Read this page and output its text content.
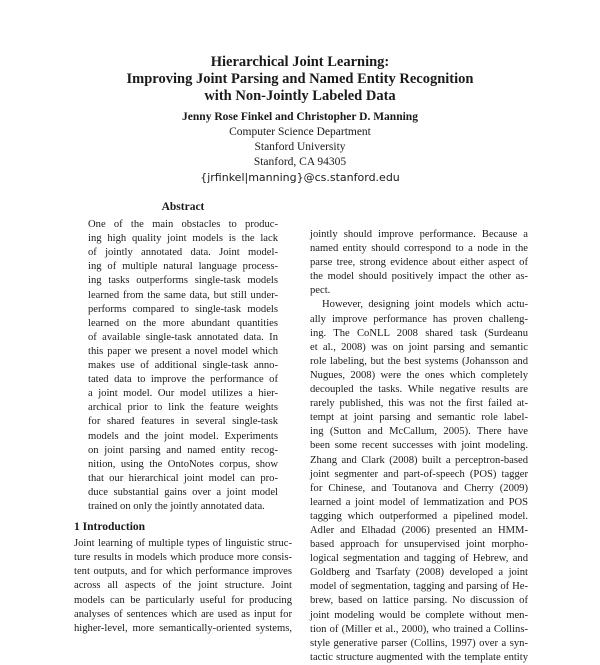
Hierarchical Joint Learning:
Improving Joint Parsing and Named Entity Recognition
with Non-Jointly Labeled Data
Jenny Rose Finkel and Christopher D. Manning
Computer Science Department
Stanford University
Stanford, CA 94305
{jrfinkel|manning}@cs.stanford.edu
Abstract
One of the main obstacles to produc-
ing high quality joint models is the lack
of jointly annotated data. Joint model-
ing of multiple natural language process-
ing tasks outperforms single-task models
learned from the same data, but still under-
performs compared to single-task models
learned on the more abundant quantities
of available single-task annotated data. In
this paper we present a novel model which
makes use of additional single-task anno-
tated data to improve the performance of
a joint model. Our model utilizes a hier-
archical prior to link the feature weights
for shared features in several single-task
models and the joint model. Experiments
on joint parsing and named entity recog-
nition, using the OntoNotes corpus, show
that our hierarchical joint model can pro-
duce substantial gains over a joint model
trained on only the jointly annotated data.
1 Introduction
Joint learning of multiple types of linguistic struc-
ture results in models which produce more consis-
tent outputs, and for which performance improves
across all aspects of the joint structure. Joint
models can be particularly useful for producing
analyses of sentences which are used as input for
higher-level, more semantically-oriented systems,
jointly should improve performance. Because a
named entity should correspond to a node in the
parse tree, strong evidence about either aspect of
the model should positively impact the other as-
pect.
However, designing joint models which actu-
ally improve performance has proven challeng-
ing. The CoNLL 2008 shared task (Surdeanu
et al., 2008) was on joint parsing and semantic
role labeling, but the best systems (Johansson and
Nugues, 2008) were the ones which completely
decoupled the tasks. While negative results are
rarely published, this was not the first failed at-
tempt at joint parsing and semantic role label-
ing (Sutton and McCallum, 2005). There have
been some recent successes with joint modeling.
Zhang and Clark (2008) built a perceptron-based
joint segmenter and part-of-speech (POS) tagger
for Chinese, and Toutanova and Cherry (2009)
learned a joint model of lemmatization and POS
tagging which outperformed a pipelined model.
Adler and Elhadad (2006) presented an HMM-
based approach for unsupervised joint morpho-
logical segmentation and tagging of Hebrew, and
Goldberg and Tsarfaty (2008) developed a joint
model of segmentation, tagging and parsing of He-
brew, based on lattice parsing. No discussion of
joint modeling would be complete without men-
tion of (Miller et al., 2000), who trained a Collins-
style generative parser (Collins, 1997) over a syn-
tactic structure augmented with the template entity
